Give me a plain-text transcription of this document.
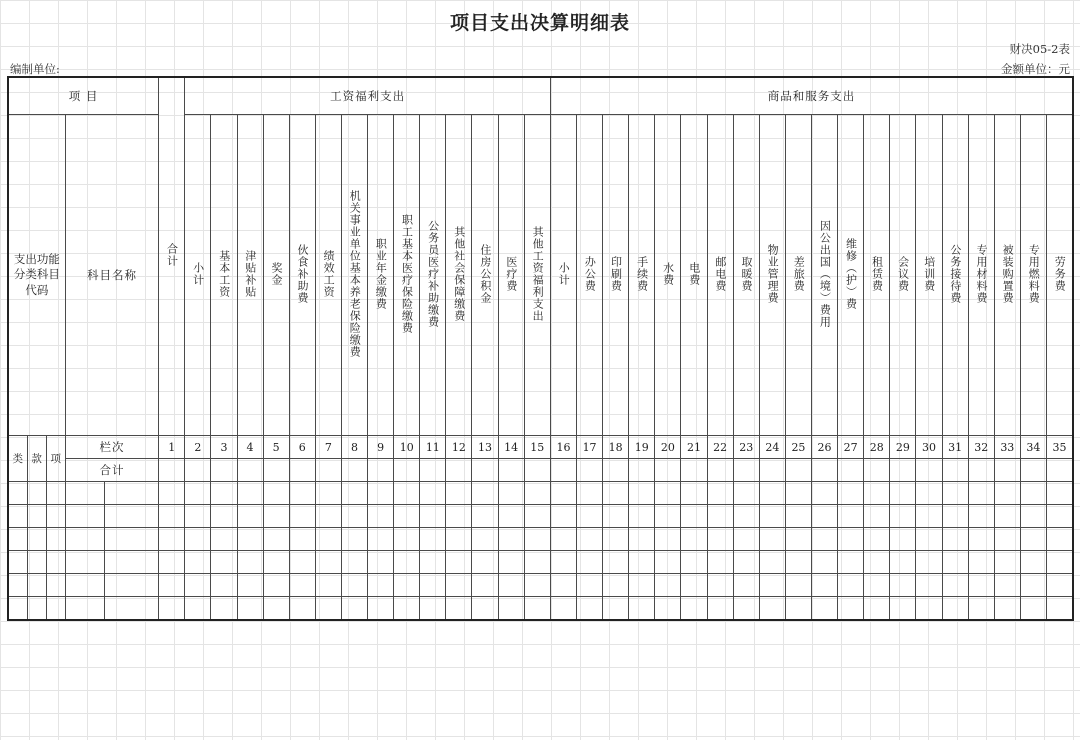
项目支出决算明细表
财决05-2表
编制单位:	金额单位：元
项 目					合计	工资福利支出														商品和服务支出																			
支出功能分类科目代码			科目名称			小计	基本工资	津贴补贴	奖金	伙食补助费	绩效工资	机关事业单位基本养老保险缴费	职业年金缴费	职工基本医疗保险缴费	公务员医疗补助缴费	其他社会保障缴费	住房公积金	医疗费	其他工资福利支出	小计	办公费	印刷费	手续费	水费	电费	邮电费	取暖费	物业管理费	差旅费	因公出国（境）费用	维修（护）费	租赁费	会议费	培训费	公务接待费	专用材料费	被装购置费	专用燃料费	劳务费
类	款	项	栏次		1	2	3	4	5	6	7	8	9	10	11	12	13	14	15	16	17	18	19	20	21	22	23	24	25	26	27	28	29	30	31	32	33	34	35
			合计																																				
